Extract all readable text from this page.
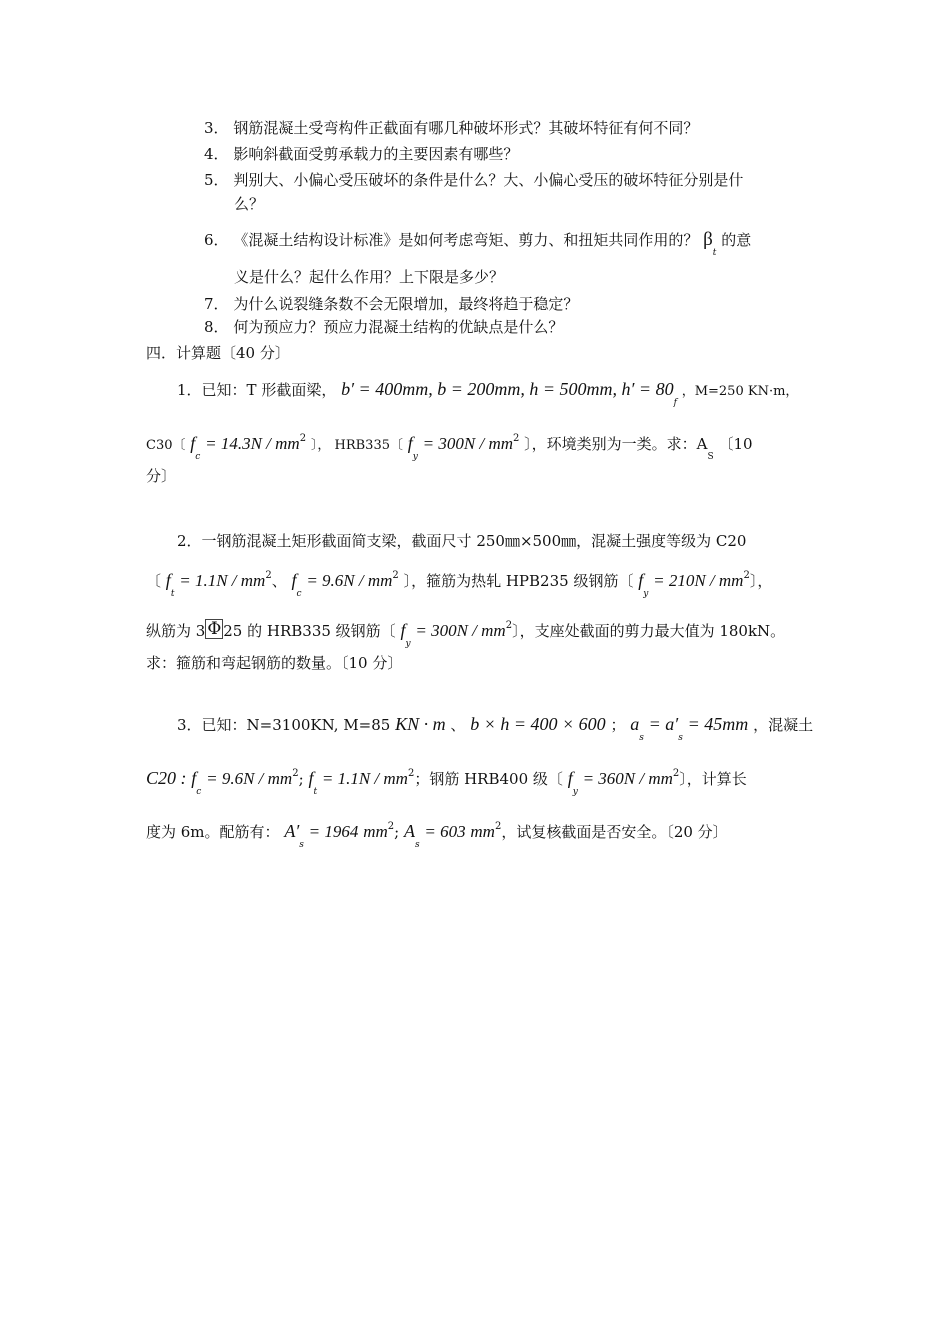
3． 钢筋混凝土受弯构件正截面有哪几种破坏形式？其破坏特征有何不同？
4． 影响斜截面受剪承载力的主要因素有哪些？
5． 判别大、小偏心受压破坏的条件是什么？大、小偏心受压的破坏特征分别是什
么？
6． 《混凝土结构设计标准》是如何考虑弯矩、剪力、和扭矩共同作用的？ $\beta_t$ 的意
义是什么？起什么作用？上下限是多少？
7． 为什么说裂缝条数不会无限增加，最终将趋于稳定？
8． 何为预应力？预应力混凝土结构的优缺点是什么？
四．计算题〔40 分〕
1．已知：T 形截面梁， b′ = 400mm, b = 200mm, h = 500mm, $h' = 80_f$ ，M=250 KN·m，
C30〔 $f_c = 14.3N / mm^2$ 〕， HRB335〔 $f_y = 300N / mm^2$ 〕，环境类别为一类。求：$A_S$ 〔10
分〕
2．一钢筋混凝土矩形截面简支梁，截面尺寸 250㎜×500㎜，混凝土强度等级为 C20
〔 $f_t = 1.1N / mm^2$、 $f_c = 9.6N / mm^2$ 〕，箍筋为热轧 HPB235 级钢筋〔 $f_y = 210N / mm^2$〕，
纵筋为 3 Φ 25 的 HRB335 级钢筋〔 $f_y = 300N / mm^2$〕，支座处截面的剪力最大值为 180kN。
求：箍筋和弯起钢筋的数量。〔10 分〕
3．已知：N=3100KN, M=85 KN · m 、 b × h = 400 × 600 ； $a_s = a'_s = 45mm$ ，混凝土
C20 : $f_c = 9.6N / mm^2$; $f_t = 1.1N / mm^2$；钢筋 HRB400 级〔 $f_y = 360N / mm^2$〕，计算长
度为 6m。配筋有： $A'_s = 1964$ $mm^2$; $A_s = 603$ $mm^2$，试复核截面是否安全。〔20 分〕
